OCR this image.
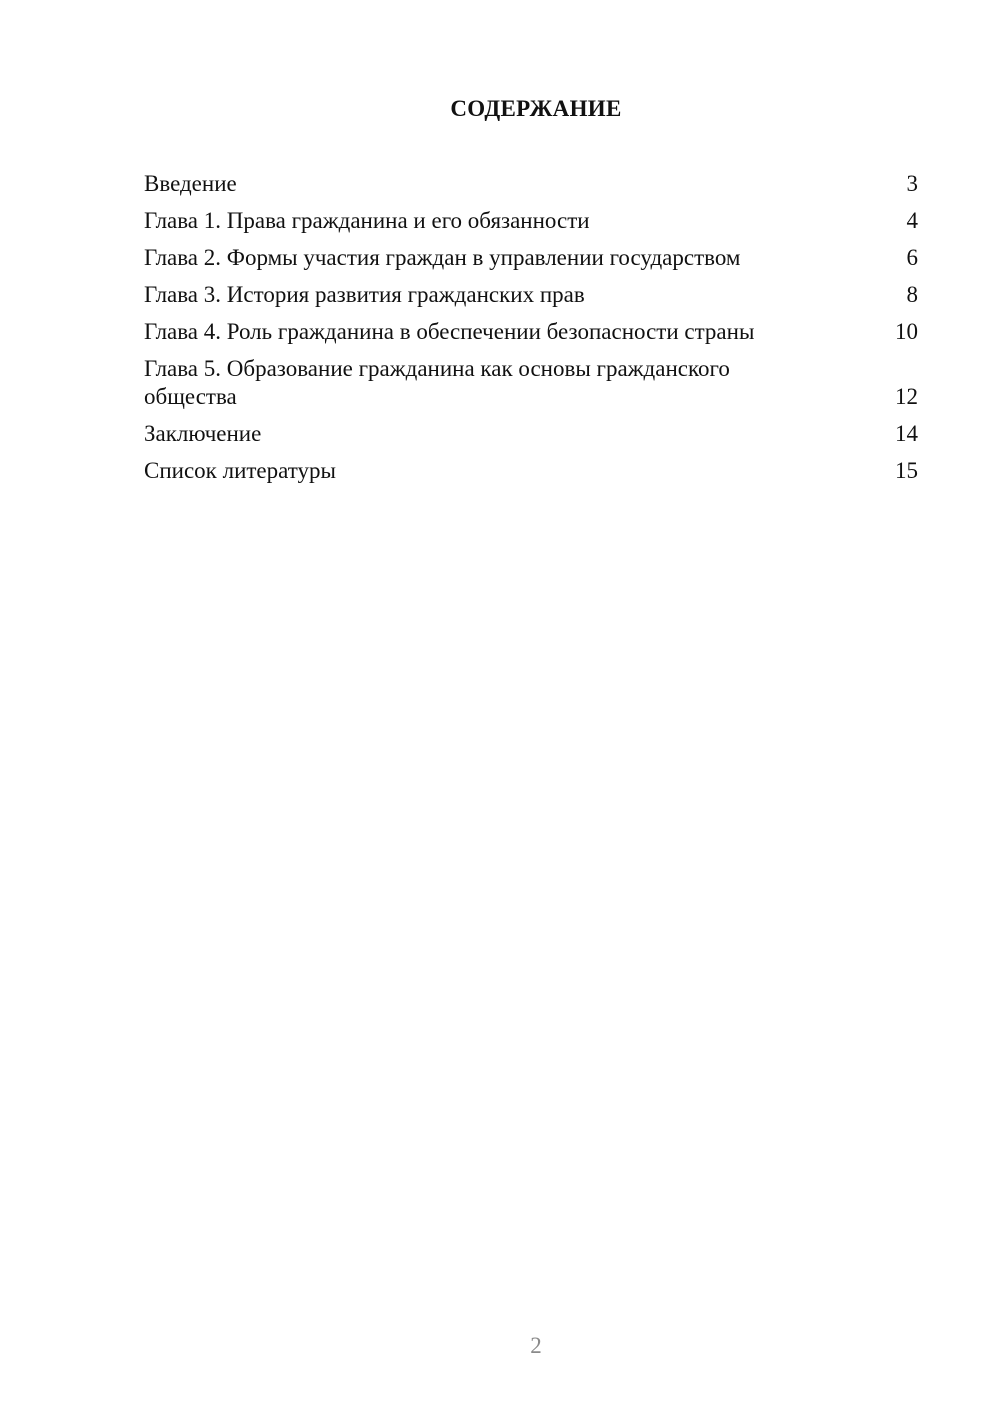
СОДЕРЖАНИЕ
Введение	3
Глава 1. Права гражданина и его обязанности	4
Глава 2. Формы участия граждан в управлении государством	6
Глава 3. История развития гражданских прав	8
Глава 4. Роль гражданина в обеспечении безопасности страны	10
Глава 5. Образование гражданина как основы гражданского общества	12
Заключение	14
Список литературы	15
2
